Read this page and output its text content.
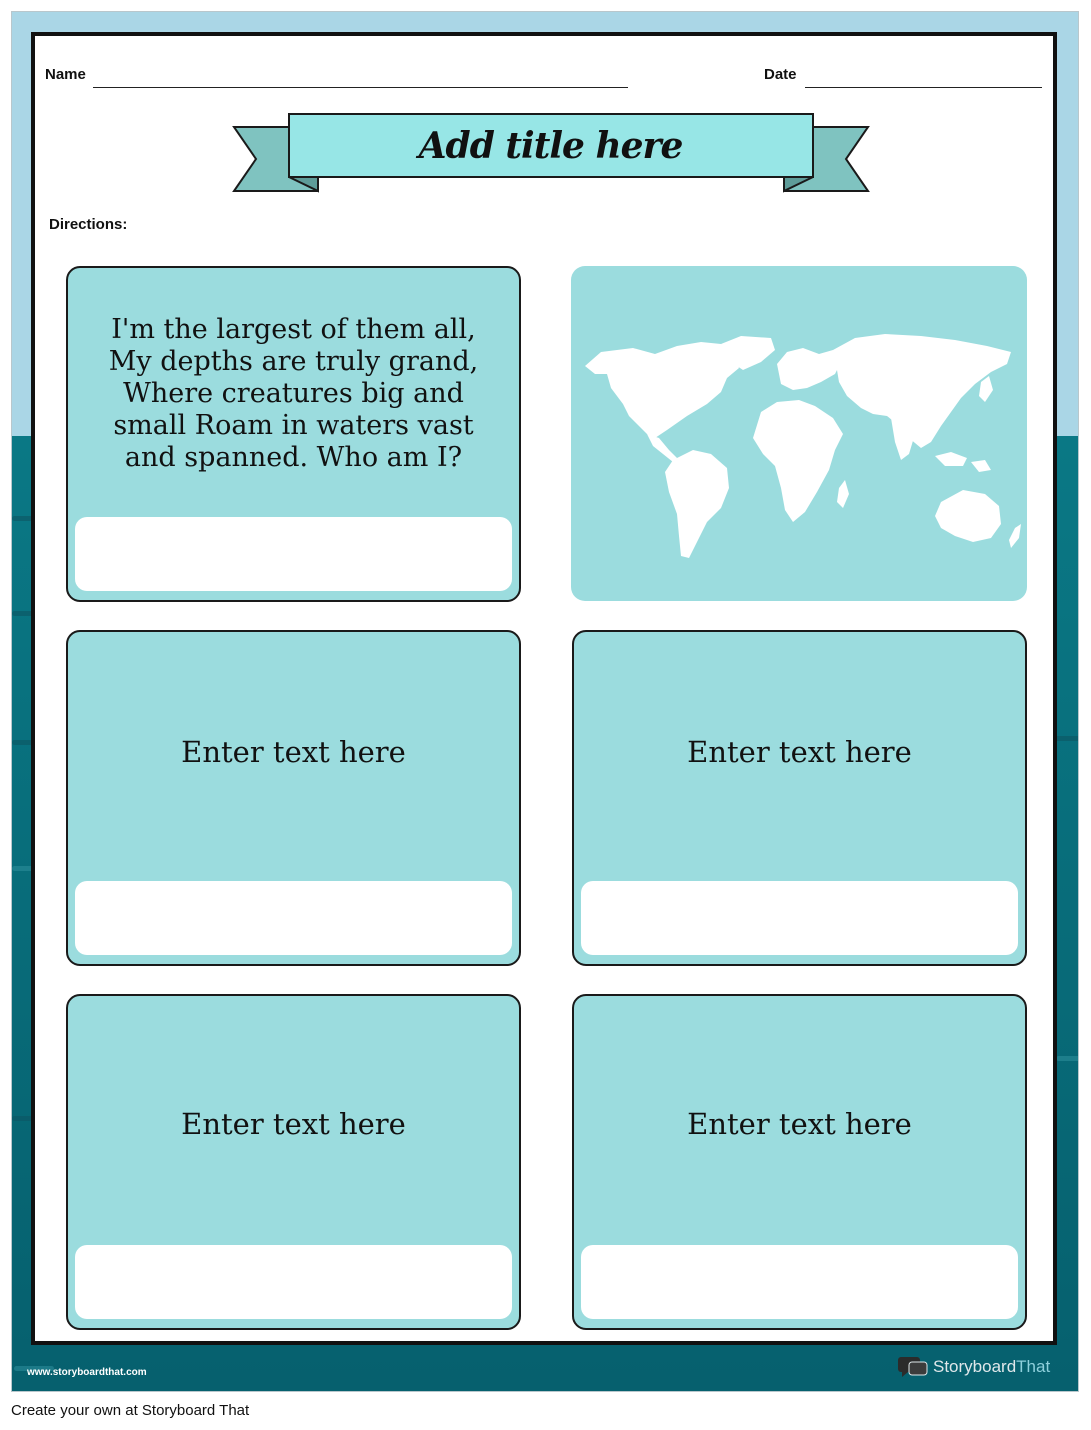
Name	Date
Add title here
Directions:
I'm the largest of them all,
My depths are truly grand,
Where creatures big and
small Roam in waters vast
and spanned. Who am I?
Enter text here	Enter text here
Enter text here	Enter text here
www.storyboardthat.com	StoryboardThat
Create your own at Storyboard That
